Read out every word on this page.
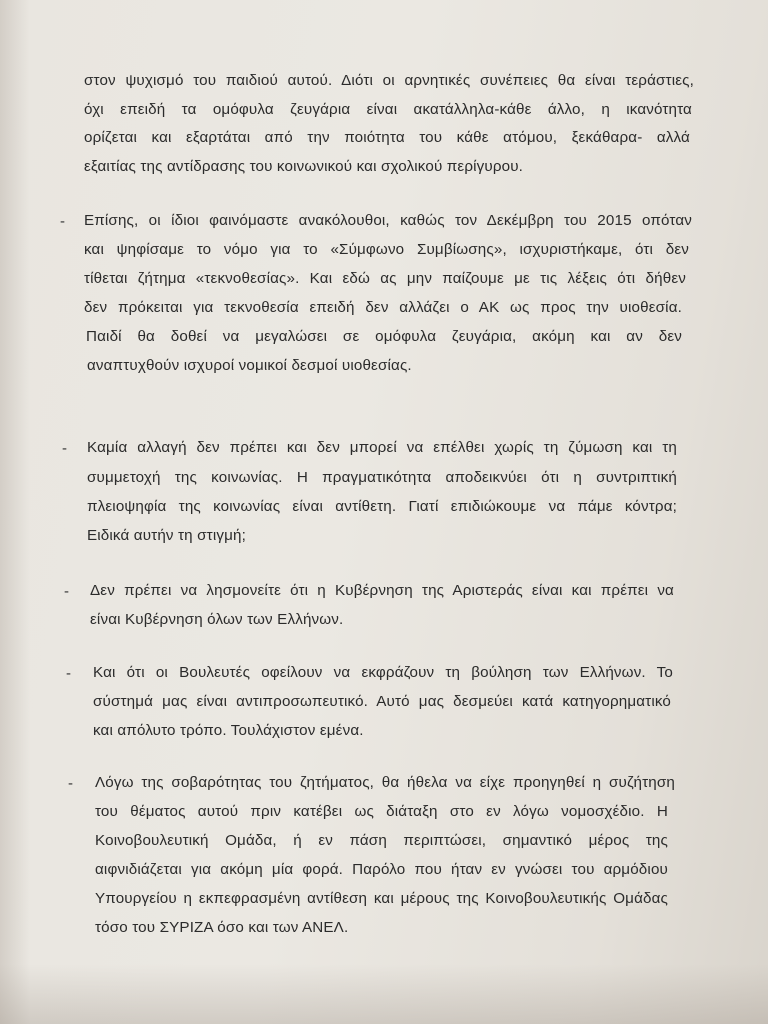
στον ψυχισμό του παιδιού αυτού. Διότι οι αρνητικές συνέπειες θα είναι τεράστιες,
όχι επειδή τα ομόφυλα ζευγάρια είναι ακατάλληλα-κάθε άλλο, η ικανότητα
ορίζεται και εξαρτάται από την ποιότητα του κάθε ατόμου, ξεκάθαρα- αλλά
εξαιτίας της αντίδρασης του κοινωνικού και σχολικού περίγυρου.
- Επίσης, οι ίδιοι φαινόμαστε ανακόλουθοι, καθώς τον Δεκέμβρη του 2015 οπόταν
και ψηφίσαμε το νόμο για το «Σύμφωνο Συμβίωσης», ισχυριστήκαμε, ότι δεν
τίθεται ζήτημα «τεκνοθεσίας». Και εδώ ας μην παίζουμε με τις λέξεις ότι δήθεν
δεν πρόκειται για τεκνοθεσία επειδή δεν αλλάζει ο ΑΚ ως προς την υιοθεσία.
Παιδί θα δοθεί να μεγαλώσει σε ομόφυλα ζευγάρια, ακόμη και αν δεν
αναπτυχθούν ισχυροί νομικοί δεσμοί υιοθεσίας.
- Καμία αλλαγή δεν πρέπει και δεν μπορεί να επέλθει χωρίς τη ζύμωση και τη
συμμετοχή της κοινωνίας. Η πραγματικότητα αποδεικνύει ότι η συντριπτική
πλειοψηφία της κοινωνίας είναι αντίθετη. Γιατί επιδιώκουμε να πάμε κόντρα;
Ειδικά αυτήν τη στιγμή;
- Δεν πρέπει να λησμονείτε ότι η Κυβέρνηση της Αριστεράς είναι και πρέπει να
είναι Κυβέρνηση όλων των Ελλήνων.
- Και ότι οι Βουλευτές οφείλουν να εκφράζουν τη βούληση των Ελλήνων. Το
σύστημά μας είναι αντιπροσωπευτικό. Αυτό μας δεσμεύει κατά κατηγορηματικό
και απόλυτο τρόπο. Τουλάχιστον εμένα.
- Λόγω της σοβαρότητας του ζητήματος, θα ήθελα να είχε προηγηθεί η συζήτηση
του θέματος αυτού πριν κατέβει ως διάταξη στο εν λόγω νομοσχέδιο. Η
Κοινοβουλευτική Ομάδα, ή εν πάση περιπτώσει, σημαντικό μέρος της
αιφνιδιάζεται για ακόμη μία φορά. Παρόλο που ήταν εν γνώσει του αρμόδιου
Υπουργείου η εκπεφρασμένη αντίθεση και μέρους της Κοινοβουλευτικής Ομάδας
τόσο του ΣΥΡΙΖΑ όσο και των ΑΝΕΛ.
